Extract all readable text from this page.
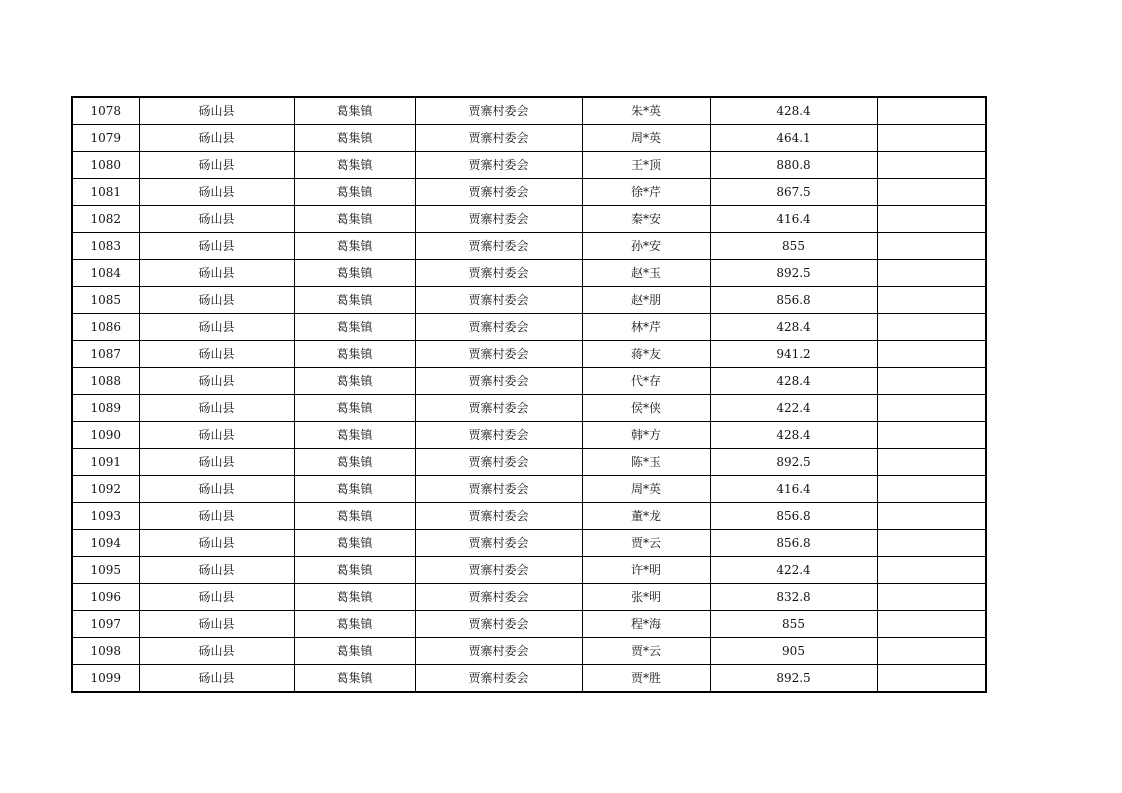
1078	砀山县	葛集镇	贾寨村委会	朱*英	428.4	
1079	砀山县	葛集镇	贾寨村委会	周*英	464.1	
1080	砀山县	葛集镇	贾寨村委会	王*顶	880.8	
1081	砀山县	葛集镇	贾寨村委会	徐*芹	867.5	
1082	砀山县	葛集镇	贾寨村委会	秦*安	416.4	
1083	砀山县	葛集镇	贾寨村委会	孙*安	855	
1084	砀山县	葛集镇	贾寨村委会	赵*玉	892.5	
1085	砀山县	葛集镇	贾寨村委会	赵*朋	856.8	
1086	砀山县	葛集镇	贾寨村委会	林*芹	428.4	
1087	砀山县	葛集镇	贾寨村委会	蒋*友	941.2	
1088	砀山县	葛集镇	贾寨村委会	代*存	428.4	
1089	砀山县	葛集镇	贾寨村委会	侯*侠	422.4	
1090	砀山县	葛集镇	贾寨村委会	韩*方	428.4	
1091	砀山县	葛集镇	贾寨村委会	陈*玉	892.5	
1092	砀山县	葛集镇	贾寨村委会	周*英	416.4	
1093	砀山县	葛集镇	贾寨村委会	董*龙	856.8	
1094	砀山县	葛集镇	贾寨村委会	贾*云	856.8	
1095	砀山县	葛集镇	贾寨村委会	许*明	422.4	
1096	砀山县	葛集镇	贾寨村委会	张*明	832.8	
1097	砀山县	葛集镇	贾寨村委会	程*海	855	
1098	砀山县	葛集镇	贾寨村委会	贾*云	905	
1099	砀山县	葛集镇	贾寨村委会	贾*胜	892.5	
